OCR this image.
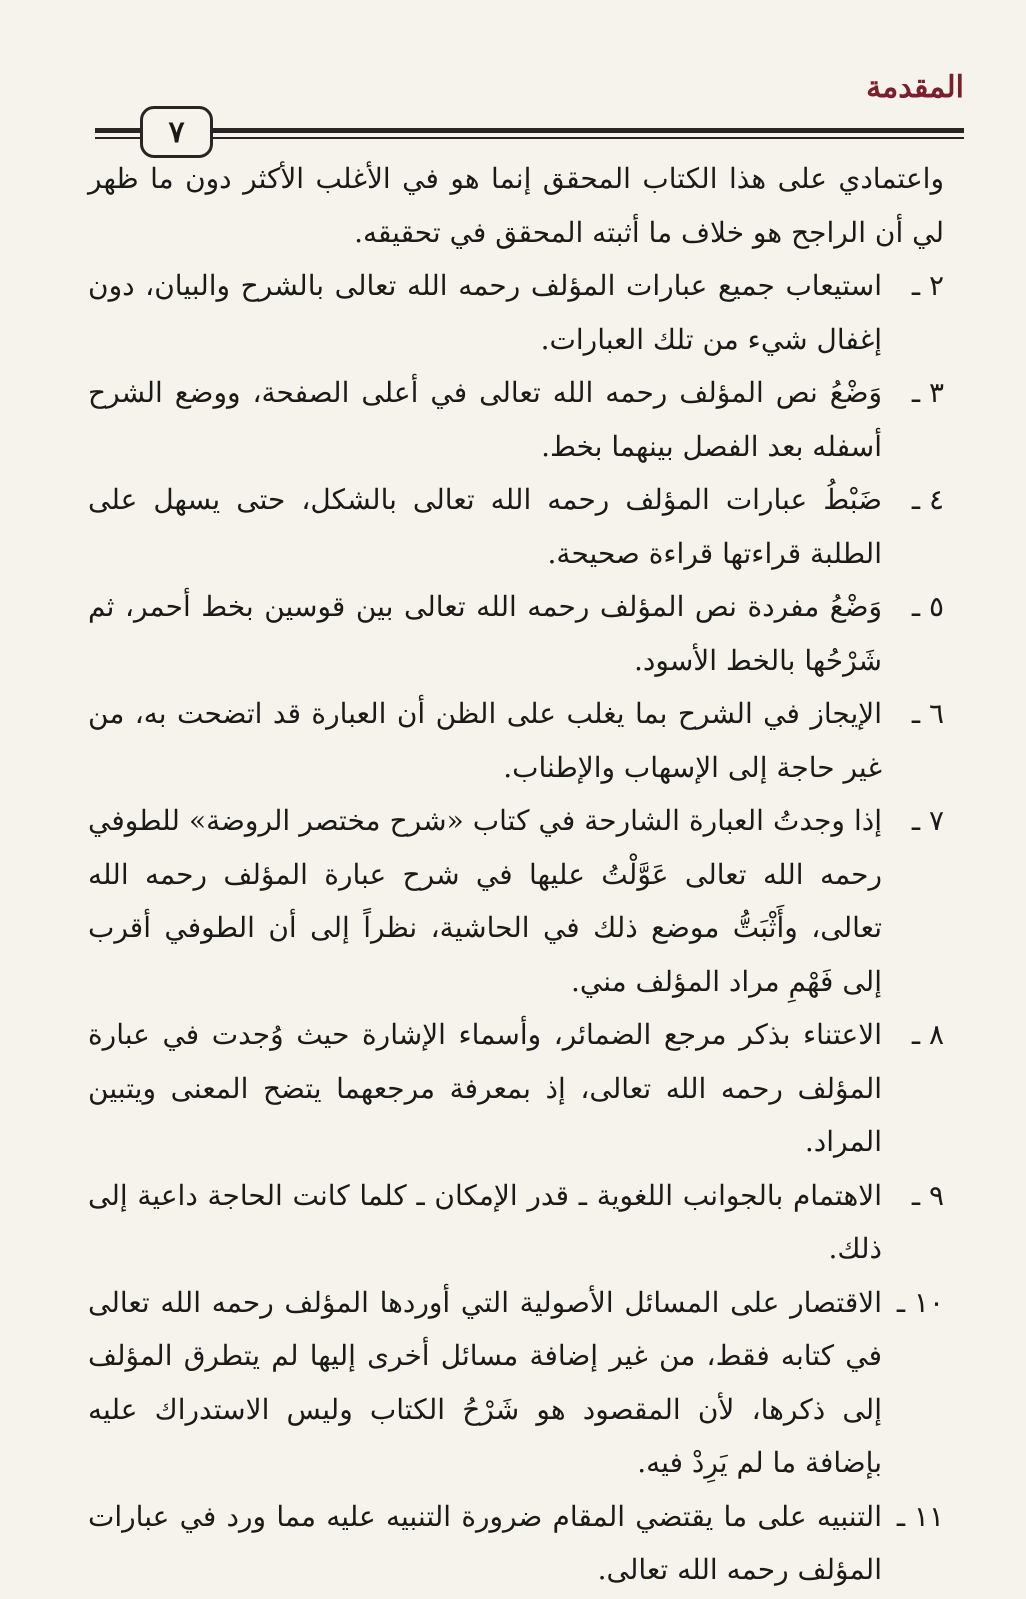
المقدمة
٧

واعتمادي على هذا الكتاب المحقق إنما هو في الأغلب الأكثر دون ما ظهر لي أن الراجح هو خلاف ما أثبته المحقق في تحقيقه.

٢ ـ
استيعاب جميع عبارات المؤلف رحمه الله تعالى بالشرح والبيان، دون إغفال شيء من تلك العبارات.
٣ ـ
وَضْعُ نص المؤلف رحمه الله تعالى في أعلى الصفحة، ووضع الشرح أسفله بعد الفصل بينهما بخط.
٤ ـ
ضَبْطُ عبارات المؤلف رحمه الله تعالى بالشكل، حتى يسهل على الطلبة قراءتها قراءة صحيحة.
٥ ـ
وَضْعُ مفردة نص المؤلف رحمه الله تعالى بين قوسين بخط أحمر، ثم شَرْحُها بالخط الأسود.
٦ ـ
الإيجاز في الشرح بما يغلب على الظن أن العبارة قد اتضحت به، من غير حاجة إلى الإسهاب والإطناب.
٧ ـ
إذا وجدتُ العبارة الشارحة في كتاب «شرح مختصر الروضة» للطوفي رحمه الله تعالى عَوَّلْتُ عليها في شرح عبارة المؤلف رحمه الله تعالى، وأَثْبَتُّ موضع ذلك في الحاشية، نظراً إلى أن الطوفي أقرب إلى فَهْمِ مراد المؤلف مني.
٨ ـ
الاعتناء بذكر مرجع الضمائر، وأسماء الإشارة حيث وُجدت في عبارة المؤلف رحمه الله تعالى، إذ بمعرفة مرجعهما يتضح المعنى ويتبين المراد.
٩ ـ
الاهتمام بالجوانب اللغوية ـ قدر الإمكان ـ كلما كانت الحاجة داعية إلى ذلك.
١٠ ـ
الاقتصار على المسائل الأصولية التي أوردها المؤلف رحمه الله تعالى في كتابه فقط، من غير إضافة مسائل أخرى إليها لم يتطرق المؤلف إلى ذكرها، لأن المقصود هو شَرْحُ الكتاب وليس الاستدراك عليه بإضافة ما لم يَرِدْ فيه.
١١ ـ
التنبيه على ما يقتضي المقام ضرورة التنبيه عليه مما ورد في عبارات المؤلف رحمه الله تعالى.
